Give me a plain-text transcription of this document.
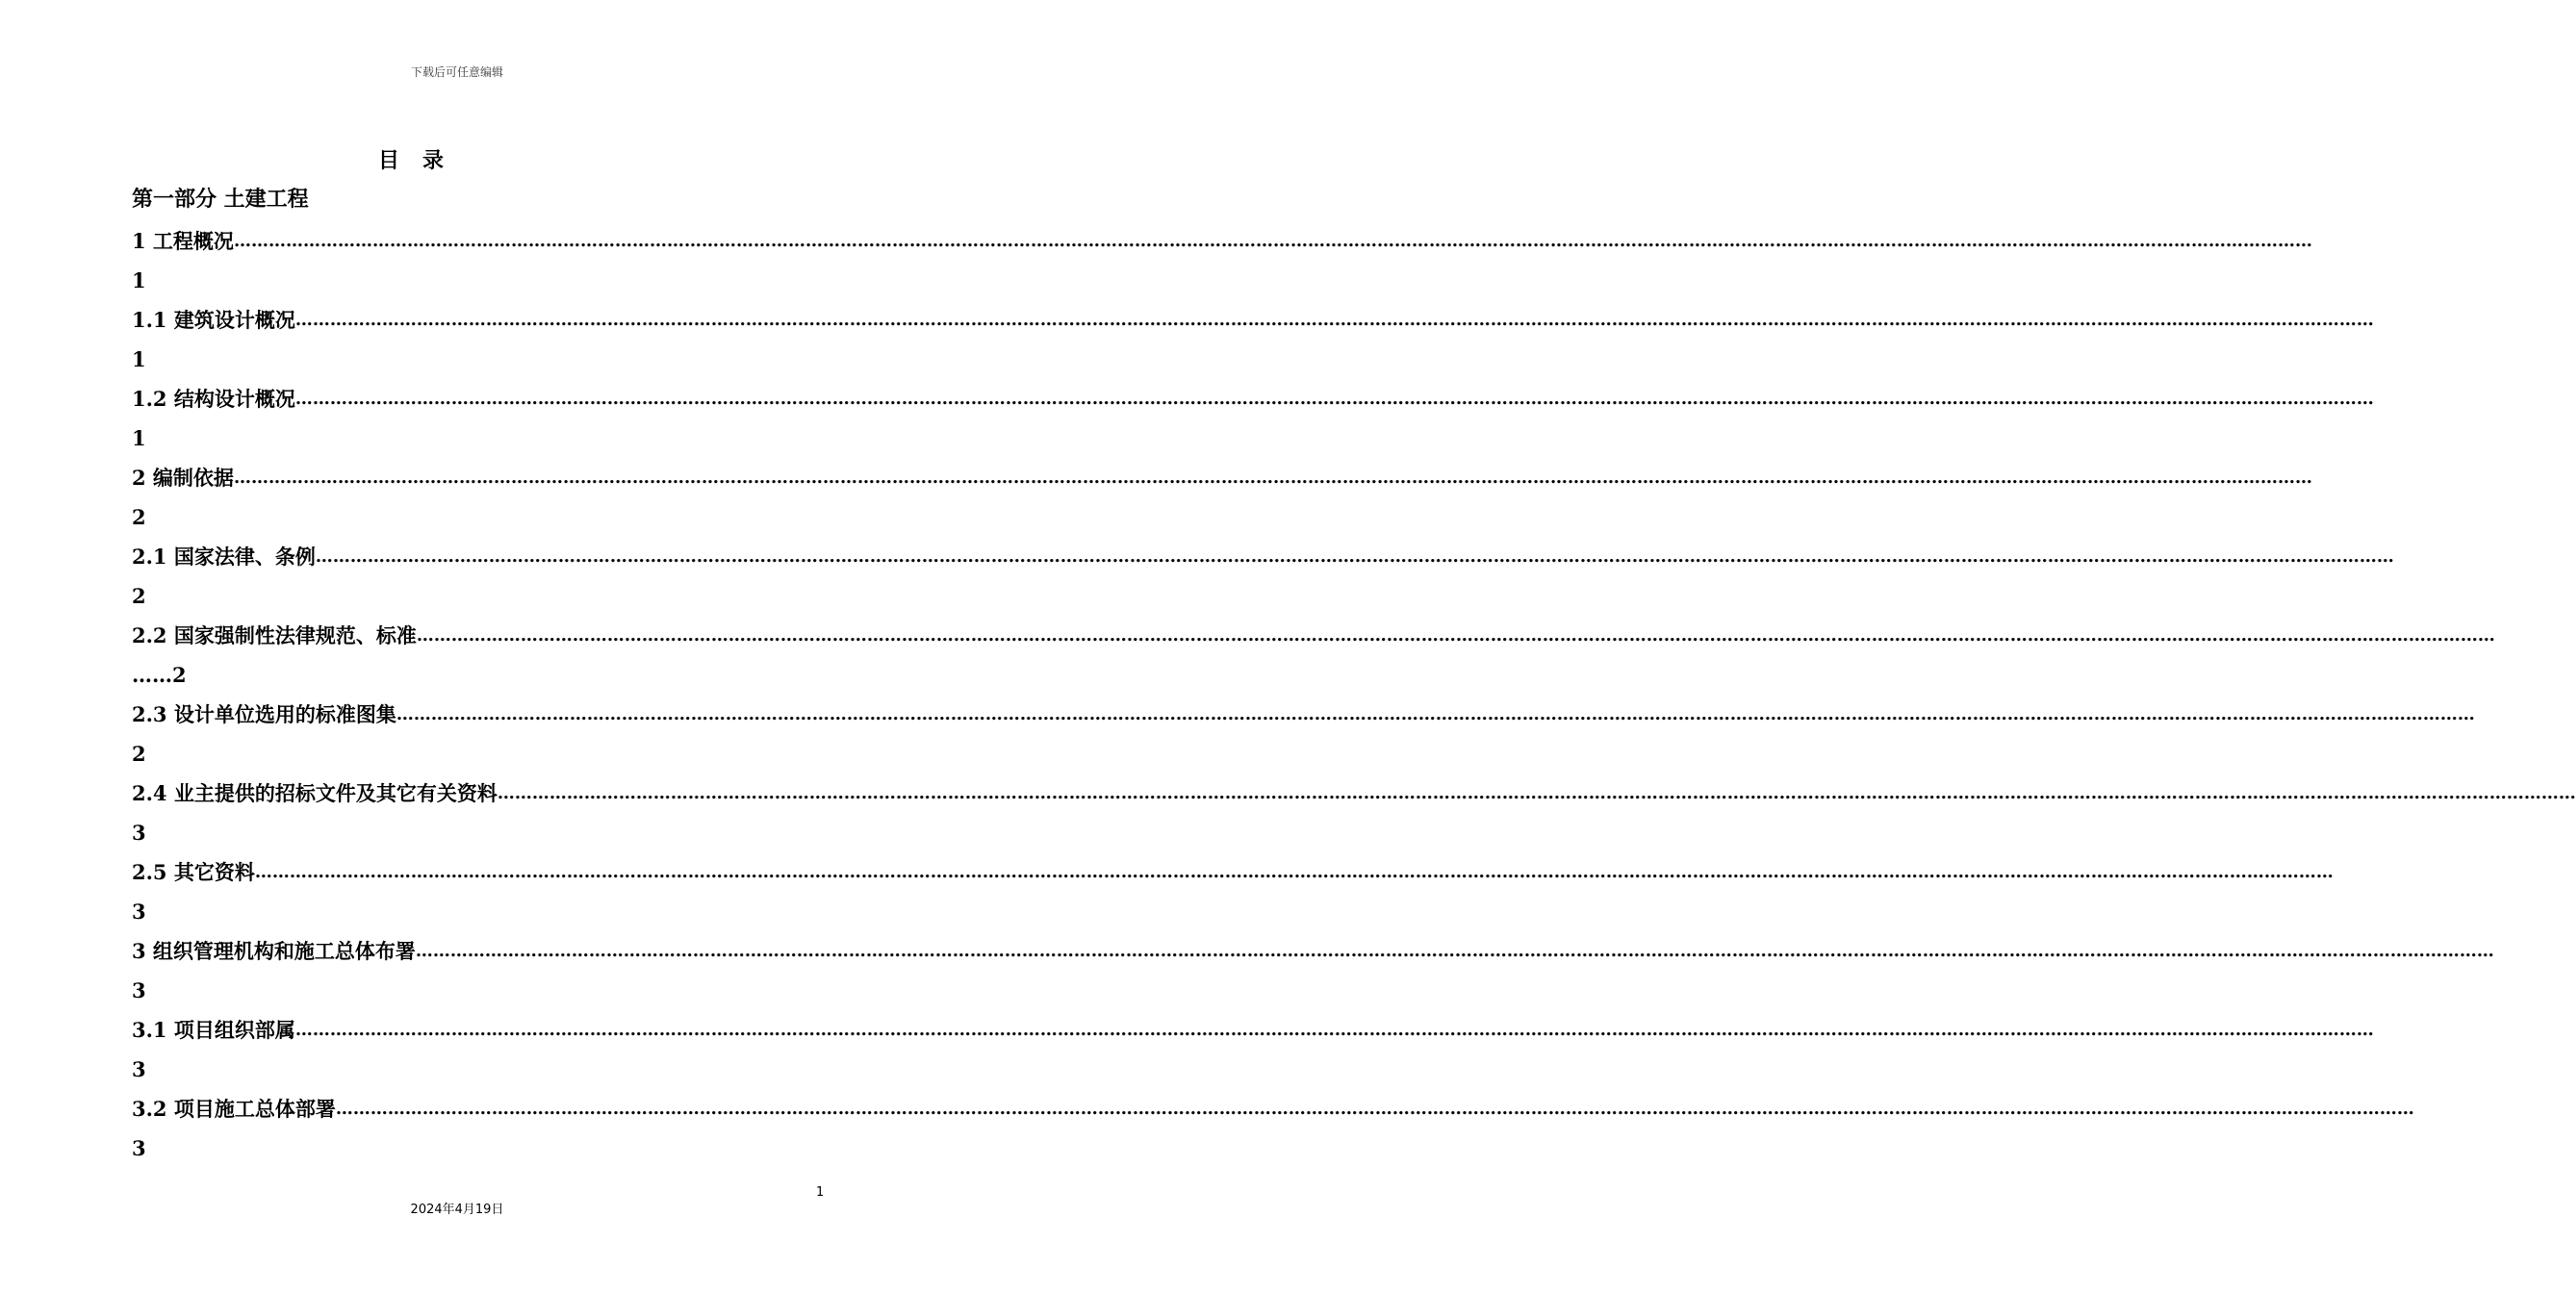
下载后可任意编辑
目录
第一部分 土建工程
1 工程概况 ………………………………………………………………………………………………………………………………………………………………………………………………………………………………………………………………………………………………………………………………
1
1.1 建筑设计概况 ………………………………………………………………………………………………………………………………………………………………………………………………………………………………………………………………………………………………………………………………
1
1.2 结构设计概况 ………………………………………………………………………………………………………………………………………………………………………………………………………………………………………………………………………………………………………………………………
1
2 编制依据 ………………………………………………………………………………………………………………………………………………………………………………………………………………………………………………………………………………………………………………………………
2
2.1 国家法律、条例 ………………………………………………………………………………………………………………………………………………………………………………………………………………………………………………………………………………………………………………………………
2
2.2 国家强制性法律规范、标准 ………………………………………………………………………………………………………………………………………………………………………………………………………………………………………………………………………………………………………………………………
……2
2.3 设计单位选用的标准图集 ………………………………………………………………………………………………………………………………………………………………………………………………………………………………………………………………………………………………………………………………
2
2.4 业主提供的招标文件及其它有关资料 ………………………………………………………………………………………………………………………………………………………………………………………………………………………………………………………………………………………………………………………………
3
2.5 其它资料 ………………………………………………………………………………………………………………………………………………………………………………………………………………………………………………………………………………………………………………………………
3
3 组织管理机构和施工总体布署 ………………………………………………………………………………………………………………………………………………………………………………………………………………………………………………………………………………………………………………………………
3
3.1 项目组织部属 ………………………………………………………………………………………………………………………………………………………………………………………………………………………………………………………………………………………………………………………………
3
3.2 项目施工总体部署 ………………………………………………………………………………………………………………………………………………………………………………………………………………………………………………………………………………………………………………………………
3
1
2024年4月19日
